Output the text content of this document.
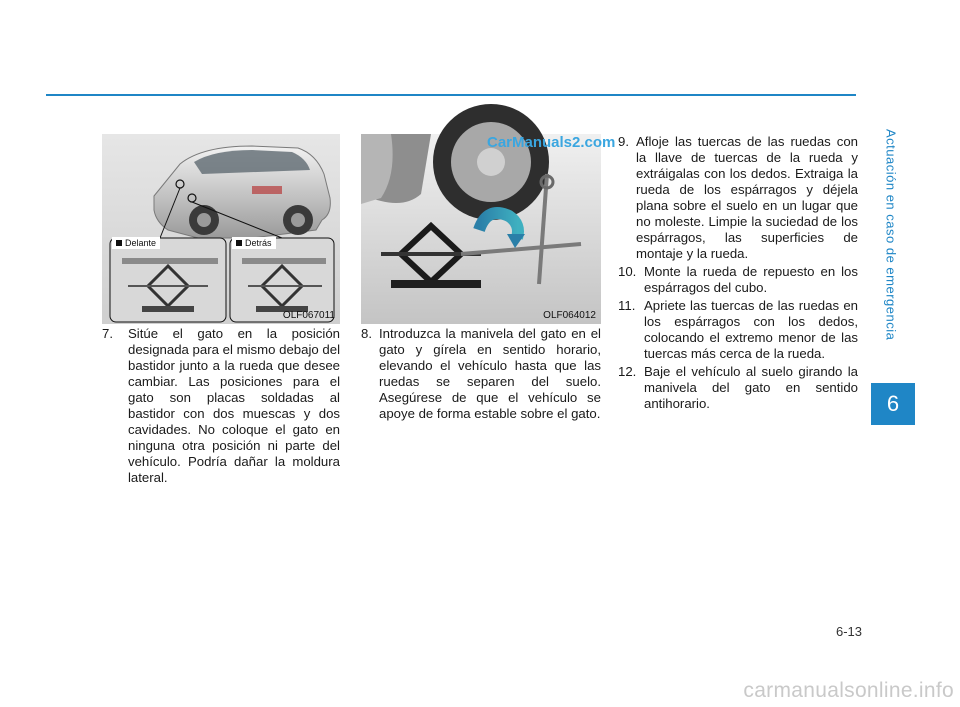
Actuación en caso de emergencia
6
Delante	Detrás
OLF067011
CarManuals2.com
OLF064012
7.	Sitúe el gato en la posición designada para el mismo debajo del bastidor junto a la rueda que desee cambiar. Las posiciones para el gato son placas soldadas al bastidor con dos muescas y dos cavidades. No coloque el gato en ninguna otra posición ni parte del vehículo. Podría dañar la moldura lateral.
8. Introduzca la manivela del gato en el gato y gírela en sentido horario, elevando el vehículo hasta que las ruedas se separen del suelo. Asegúrese de que el vehículo se apoye de forma estable sobre el gato.
9. Afloje las tuercas de las ruedas con la llave de tuercas de la rueda y extráigalas con los dedos. Extraiga la rueda de los espárragos y déjela plana sobre el suelo en un lugar que no moleste. Limpie la suciedad de los espárragos, las superficies de montaje y la rueda.
10. Monte la rueda de repuesto en los espárragos del cubo.
11. Apriete las tuercas de las ruedas en los espárragos con los dedos, colocando el extremo menor de las tuercas más cerca de la rueda.
12. Baje el vehículo al suelo girando la manivela del gato en sentido antihorario.
6-13
carmanualsonline.info
